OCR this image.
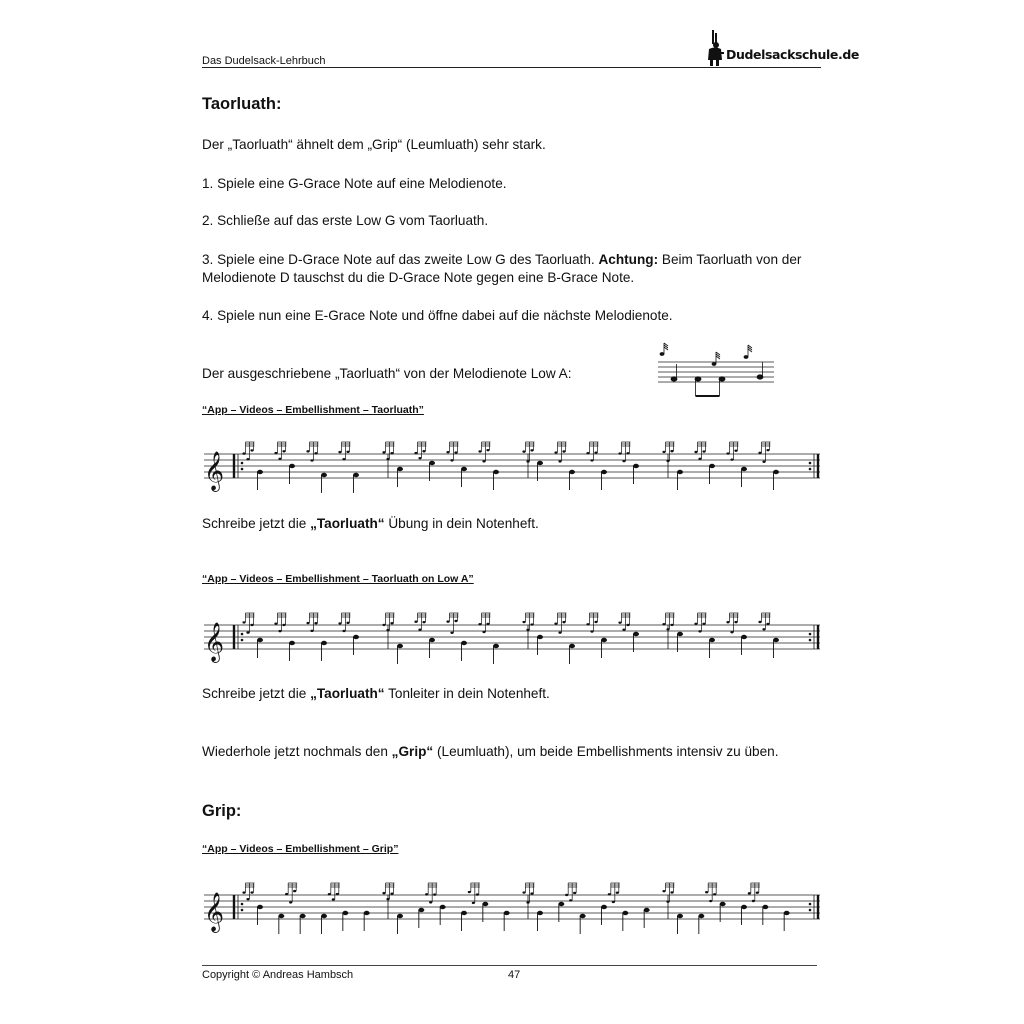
Das Dudelsack-Lehrbuch	Dudelsackschule.de
Taorluath:

Der „Taorluath“ ähnelt dem „Grip“ (Leumluath) sehr stark.

1. Spiele eine G-Grace Note auf eine Melodienote.

2. Schließe auf das erste Low G vom Taorluath.

3. Spiele eine D-Grace Note auf das zweite Low G des Taorluath. Achtung: Beim Taorluath von der Melodienote D tauschst du die D-Grace Note gegen eine B-Grace Note.

4. Spiele nun eine E-Grace Note und öffne dabei auf die nächste Melodienote.

Der ausgeschriebene „Taorluath“ von der Melodienote Low A:

“App – Videos – Embellishment – Taorluath”
𝄞

Schreibe jetzt die „Taorluath“ Übung in dein Notenheft.

“App – Videos – Embellishment – Taorluath on Low A”
𝄞

Schreibe jetzt die „Taorluath“ Tonleiter in dein Notenheft.

Wiederhole jetzt nochmals den „Grip“ (Leumluath), um beide Embellishments intensiv zu üben.

Grip:
“App – Videos – Embellishment – Grip”
𝄞
Copyright © Andreas Hambsch	47
